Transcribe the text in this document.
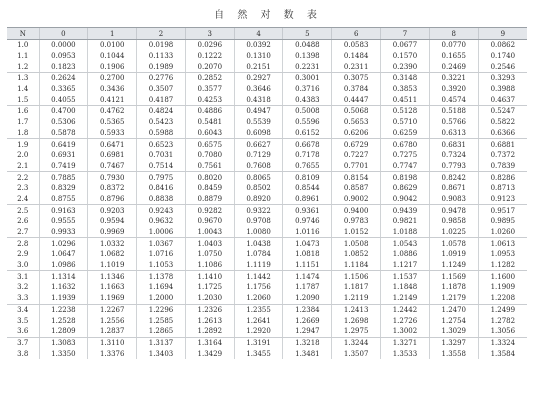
自 然 对 数 表
N	0	1	2	3	4	5	6	7	8	9
1.0	0.0000	0.0100	0.0198	0.0296	0.0392	0.0488	0.0583	0.0677	0.0770	0.0862
1.1	0.0953	0.1044	0.1133	0.1222	0.1310	0.1398	0.1484	0.1570	0.1655	0.1740
1.2	0.1823	0.1906	0.1989	0.2070	0.2151	0.2231	0.2311	0.2390	0.2469	0.2546
1.3	0.2624	0.2700	0.2776	0.2852	0.2927	0.3001	0.3075	0.3148	0.3221	0.3293
1.4	0.3365	0.3436	0.3507	0.3577	0.3646	0.3716	0.3784	0.3853	0.3920	0.3988
1.5	0.4055	0.4121	0.4187	0.4253	0.4318	0.4383	0.4447	0.4511	0.4574	0.4637
1.6	0.4700	0.4762	0.4824	0.4886	0.4947	0.5008	0.5068	0.5128	0.5188	0.5247
1.7	0.5306	0.5365	0.5423	0.5481	0.5539	0.5596	0.5653	0.5710	0.5766	0.5822
1.8	0.5878	0.5933	0.5988	0.6043	0.6098	0.6152	0.6206	0.6259	0.6313	0.6366
1.9	0.6419	0.6471	0.6523	0.6575	0.6627	0.6678	0.6729	0.6780	0.6831	0.6881
2.0	0.6931	0.6981	0.7031	0.7080	0.7129	0.7178	0.7227	0.7275	0.7324	0.7372
2.1	0.7419	0.7467	0.7514	0.7561	0.7608	0.7655	0.7701	0.7747	0.7793	0.7839
2.2	0.7885	0.7930	0.7975	0.8020	0.8065	0.8109	0.8154	0.8198	0.8242	0.8286
2.3	0.8329	0.8372	0.8416	0.8459	0.8502	0.8544	0.8587	0.8629	0.8671	0.8713
2.4	0.8755	0.8796	0.8838	0.8879	0.8920	0.8961	0.9002	0.9042	0.9083	0.9123
2.5	0.9163	0.9203	0.9243	0.9282	0.9322	0.9361	0.9400	0.9439	0.9478	0.9517
2.6	0.9555	0.9594	0.9632	0.9670	0.9708	0.9746	0.9783	0.9821	0.9858	0.9895
2.7	0.9933	0.9969	1.0006	1.0043	1.0080	1.0116	1.0152	1.0188	1.0225	1.0260
2.8	1.0296	1.0332	1.0367	1.0403	1.0438	1.0473	1.0508	1.0543	1.0578	1.0613
2.9	1.0647	1.0682	1.0716	1.0750	1.0784	1.0818	1.0852	1.0886	1.0919	1.0953
3.0	1.0986	1.1019	1.1053	1.1086	1.1119	1.1151	1.1184	1.1217	1.1249	1.1282
3.1	1.1314	1.1346	1.1378	1.1410	1.1442	1.1474	1.1506	1.1537	1.1569	1.1600
3.2	1.1632	1.1663	1.1694	1.1725	1.1756	1.1787	1.1817	1.1848	1.1878	1.1909
3.3	1.1939	1.1969	1.2000	1.2030	1.2060	1.2090	1.2119	1.2149	1.2179	1.2208
3.4	1.2238	1.2267	1.2296	1.2326	1.2355	1.2384	1.2413	1.2442	1.2470	1.2499
3.5	1.2528	1.2556	1.2585	1.2613	1.2641	1.2669	1.2698	1.2726	1.2754	1.2782
3.6	1.2809	1.2837	1.2865	1.2892	1.2920	1.2947	1.2975	1.3002	1.3029	1.3056
3.7	1.3083	1.3110	1.3137	1.3164	1.3191	1.3218	1.3244	1.3271	1.3297	1.3324
3.8	1.3350	1.3376	1.3403	1.3429	1.3455	1.3481	1.3507	1.3533	1.3558	1.3584
